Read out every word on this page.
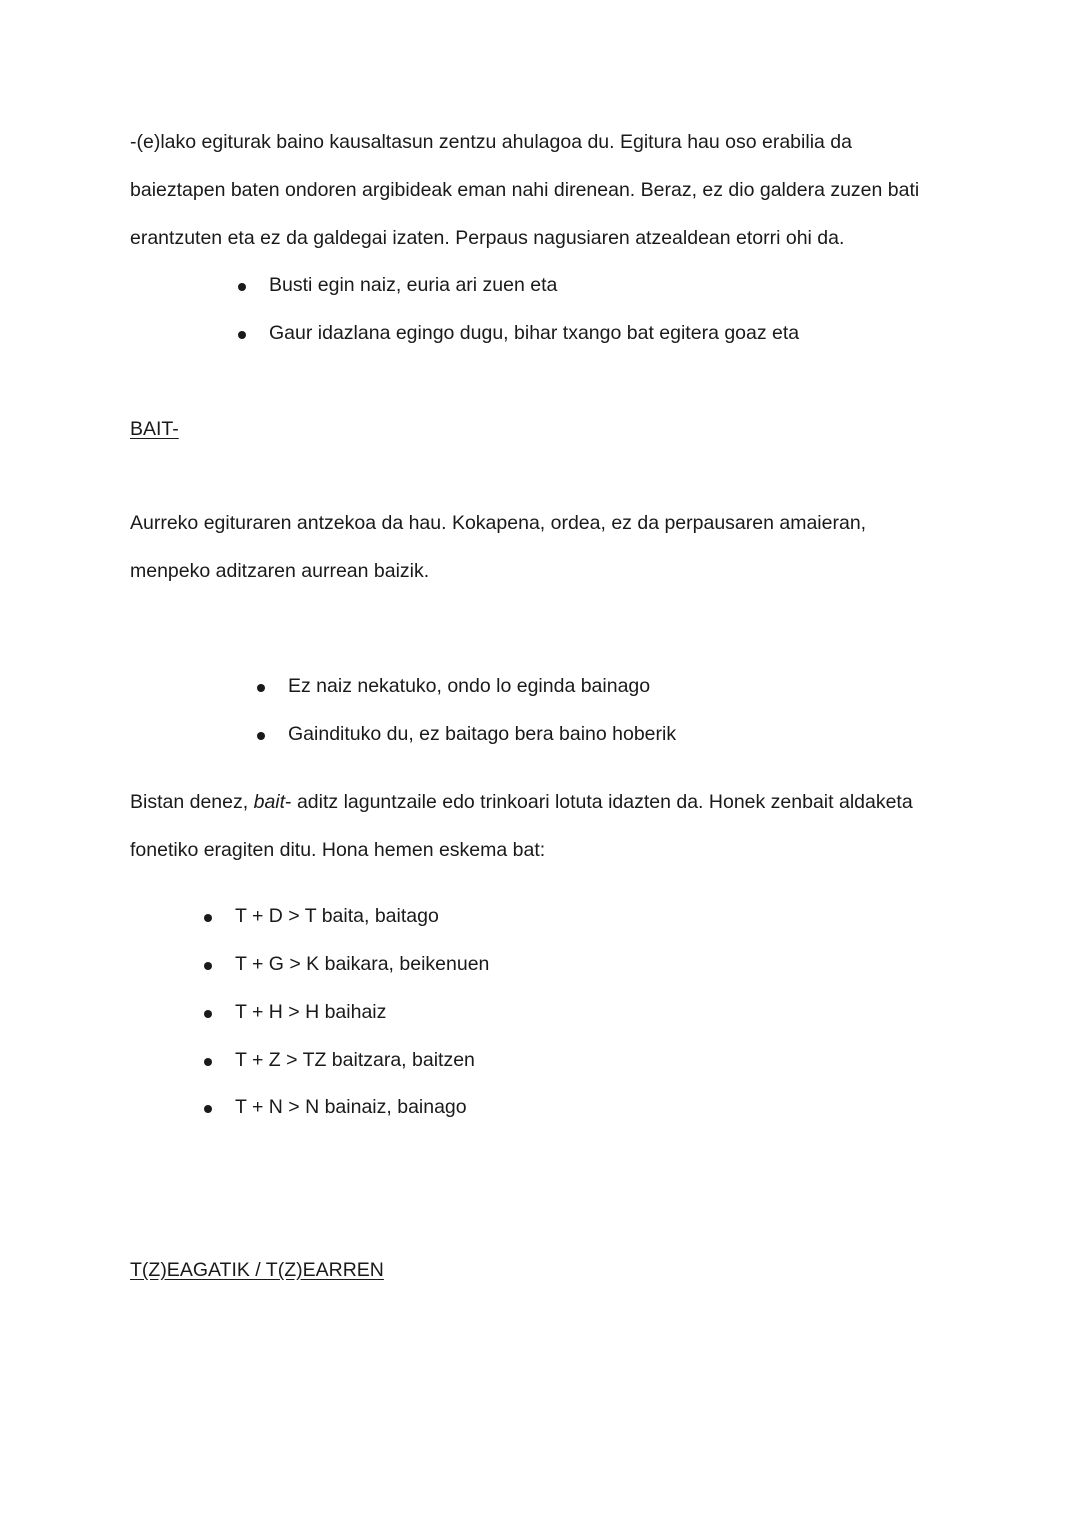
-(e)lako egiturak baino kausaltasun zentzu ahulagoa du. Egitura hau oso erabilia da
baieztapen baten ondoren argibideak eman nahi direnean. Beraz, ez dio galdera zuzen bati
erantzuten eta ez da galdegai izaten. Perpaus nagusiaren atzealdean etorri ohi da.
Busti egin naiz, euria ari zuen eta
Gaur idazlana egingo dugu, bihar txango bat egitera goaz eta
BAIT-
Aurreko egituraren antzekoa da hau. Kokapena, ordea, ez da perpausaren amaieran,
menpeko aditzaren aurrean baizik.
Ez naiz nekatuko, ondo lo eginda bainago
Gaindituko du, ez baitago bera baino hoberik
Bistan denez, bait- aditz laguntzaile edo trinkoari lotuta idazten da. Honek zenbait aldaketa
fonetiko eragiten ditu. Hona hemen eskema bat:
T + D > T baita, baitago
T + G > K baikara, beikenuen
T + H > H baihaiz
T + Z > TZ baitzara, baitzen
T + N > N bainaiz, bainago
T(Z)EAGATIK / T(Z)EARREN
